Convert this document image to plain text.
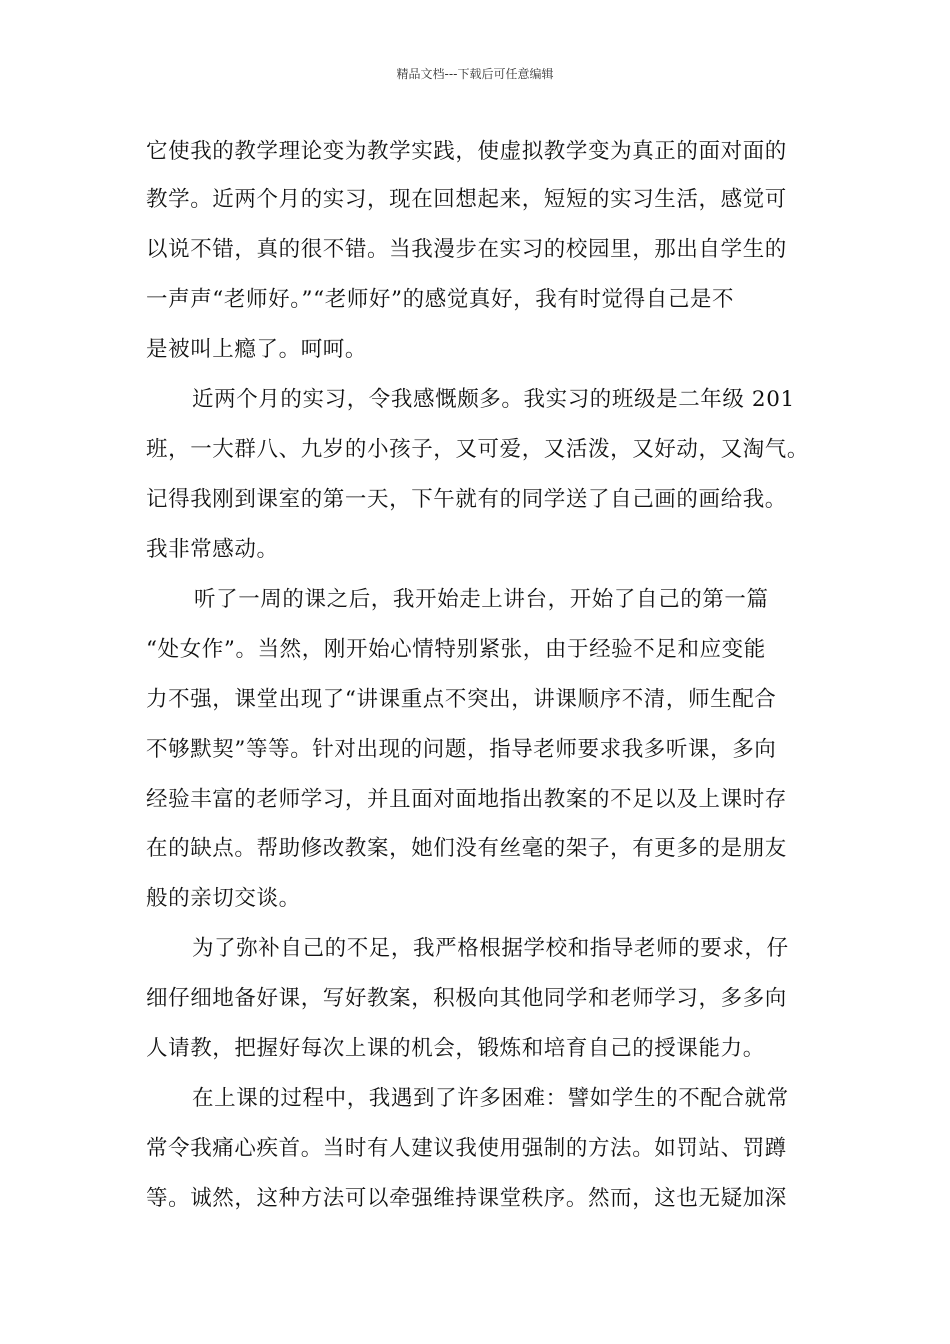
精品文档---下载后可任意编辑
它使我的教学理论变为教学实践，使虚拟教学变为真正的面对面的
教学。近两个月的实习，现在回想起来，短短的实习生活，感觉可
以说不错，真的很不错。当我漫步在实习的校园里，那出自学生的
一声声“老师好。”“老师好”的感觉真好，我有时觉得自己是不
是被叫上瘾了。呵呵。
近两个月的实习，令我感慨颇多。我实习的班级是二年级 201
班，一大群八、九岁的小孩子，又可爱，又活泼，又好动，又淘气。
记得我刚到课室的第一天，下午就有的同学送了自己画的画给我。
我非常感动。
听了一周的课之后，我开始走上讲台，开始了自己的第一篇
“处女作”。当然，刚开始心情特别紧张，由于经验不足和应变能
力不强，课堂出现了“讲课重点不突出，讲课顺序不清，师生配合
不够默契”等等。针对出现的问题，指导老师要求我多听课，多向
经验丰富的老师学习，并且面对面地指出教案的不足以及上课时存
在的缺点。帮助修改教案，她们没有丝毫的架子，有更多的是朋友
般的亲切交谈。
为了弥补自己的不足，我严格根据学校和指导老师的要求，仔
细仔细地备好课，写好教案，积极向其他同学和老师学习，多多向
人请教，把握好每次上课的机会，锻炼和培育自己的授课能力。
在上课的过程中，我遇到了许多困难：譬如学生的不配合就常
常令我痛心疾首。当时有人建议我使用强制的方法。如罚站、罚蹲
等。诚然，这种方法可以牵强维持课堂秩序。然而，这也无疑加深
